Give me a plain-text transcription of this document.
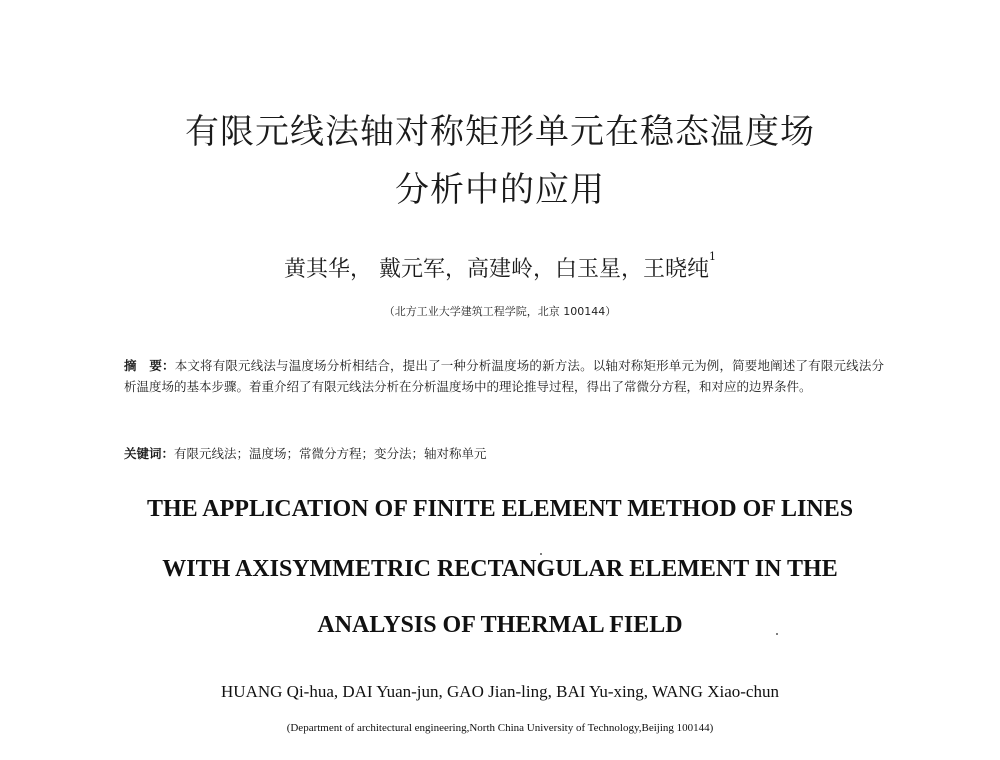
有限元线法轴对称矩形单元在稳态温度场
分析中的应用
黄其华， 戴元军，高建岭，白玉星，王晓纯$^1$
（北方工业大学建筑工程学院，北京 100144）

摘　要：本文将有限元线法与温度场分析相结合，提出了一种分析温度场的新方法。以轴对称矩形单元为例，简要地阐述了有限元线法分析温度场的基本步骤。着重介绍了有限元线法分析在分析温度场中的理论推导过程，得出了常微分方程，和对应的边界条件。

关键词：有限元线法；温度场；常微分方程；变分法；轴对称单元
THE APPLICATION OF FINITE ELEMENT METHOD OF LINES
WITH AXISYMMETRIC RECTANGULAR ELEMENT IN THE
ANALYSIS OF THERMAL FIELD
HUANG Qi-hua, DAI Yuan-jun, GAO Jian-ling, BAI Yu-xing, WANG Xiao-chun
(Department of architectural engineering,North China University of Technology,Beijing 100144)
